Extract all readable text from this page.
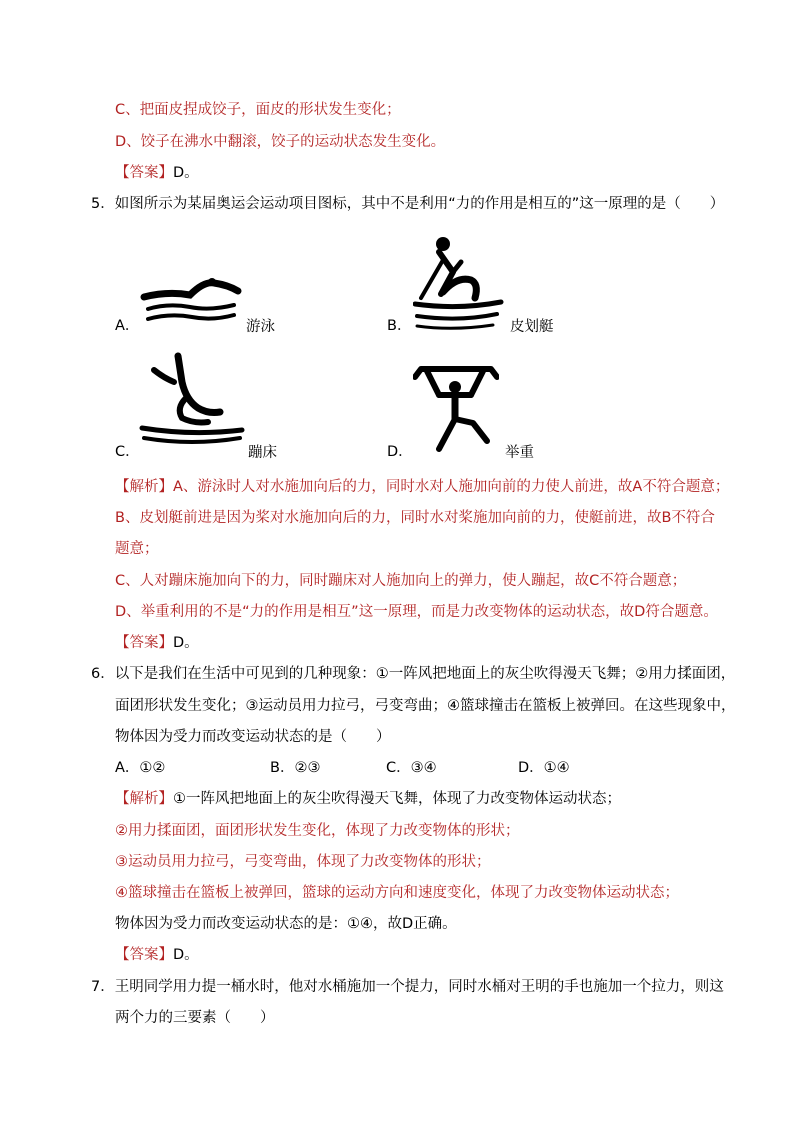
C、把面皮捏成饺子，面皮的形状发生变化；
D、饺子在沸水中翻滚，饺子的运动状态发生变化。
【答案】D。
5．如图所示为某届奥运会运动项目图标，其中不是利用“力的作用是相互的”这一原理的是（　　）
A．	游泳	B．	皮划艇
C．	蹦床	D．	举重
【解析】A、游泳时人对水施加向后的力，同时水对人施加向前的力使人前进，故A不符合题意；
B、皮划艇前进是因为桨对水施加向后的力，同时水对桨施加向前的力，使艇前进，故B不符合
题意；
C、人对蹦床施加向下的力，同时蹦床对人施加向上的弹力，使人蹦起，故C不符合题意；
D、举重利用的不是“力的作用是相互”这一原理，而是力改变物体的运动状态，故D符合题意。
【答案】D。
6．以下是我们在生活中可见到的几种现象：①一阵风把地面上的灰尘吹得漫天飞舞；②用力揉面团，
面团形状发生变化；③运动员用力拉弓，弓变弯曲；④篮球撞击在篮板上被弹回。在这些现象中，
物体因为受力而改变运动状态的是（　　）
A．①②	B．②③	C．③④	D．①④
【解析】①一阵风把地面上的灰尘吹得漫天飞舞，体现了力改变物体运动状态；
②用力揉面团，面团形状发生变化，体现了力改变物体的形状；
③运动员用力拉弓，弓变弯曲，体现了力改变物体的形状；
④篮球撞击在篮板上被弹回，篮球的运动方向和速度变化，体现了力改变物体运动状态；
物体因为受力而改变运动状态的是：①④，故D正确。
【答案】D。
7．王明同学用力提一桶水时，他对水桶施加一个提力，同时水桶对王明的手也施加一个拉力，则这
两个力的三要素（　　）
